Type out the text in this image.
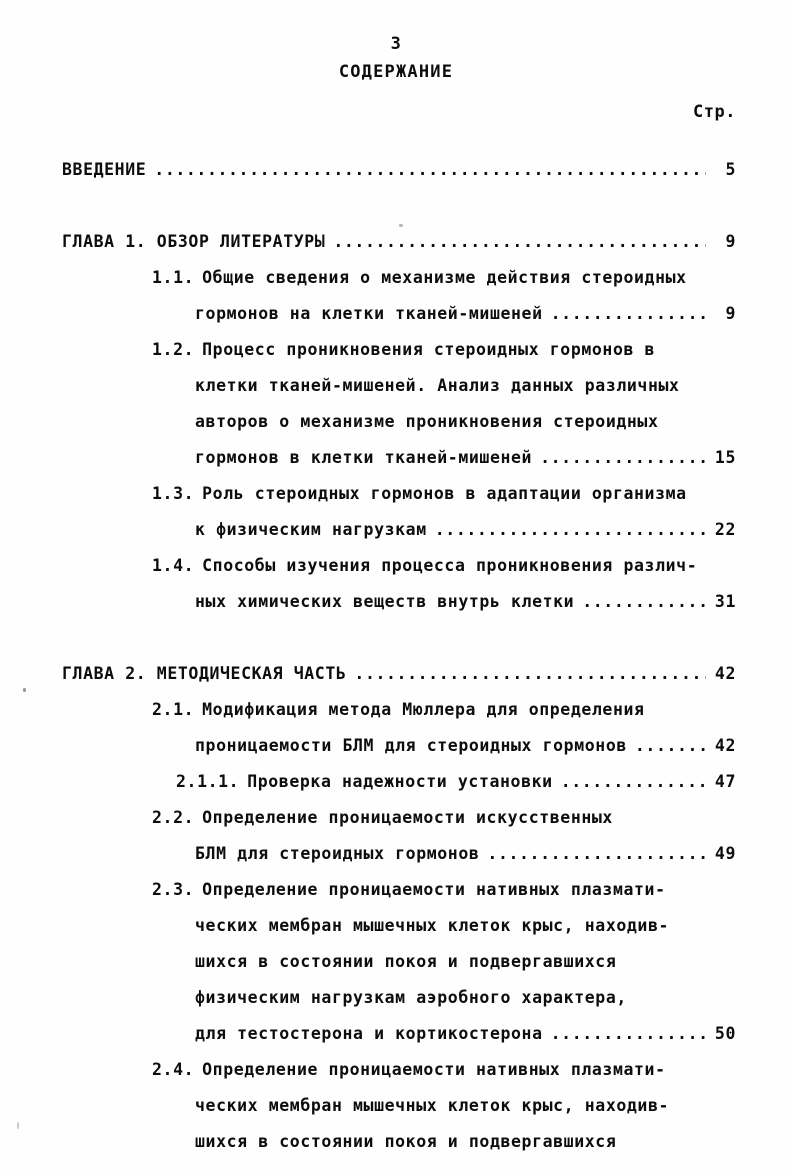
3
СОДЕРЖАНИЕ
Стр.
ВВЕДЕНИЕ .....	5
ГЛАВА 1. ОБЗОР ЛИТЕРАТУРЫ .....	9
1.1. Общие сведения о механизме действия стероидных
гормонов на клетки тканей-мишеней .....	9
1.2. Процесс проникновения стероидных гормонов в
клетки тканей-мишеней. Анализ данных различных
авторов о механизме проникновения стероидных
гормонов в клетки тканей-мишеней .....	15
1.3. Роль стероидных гормонов в адаптации организма
к физическим нагрузкам .....	22
1.4. Способы изучения процесса проникновения различ-
ных химических веществ внутрь клетки .....	31
ГЛАВА 2. МЕТОДИЧЕСКАЯ ЧАСТЬ .....	42
2.1. Модификация метода Мюллера для определения
проницаемости БЛМ для стероидных гормонов .....	42
2.1.1. Проверка надежности установки .....	47
2.2. Определение проницаемости искусственных
БЛМ для стероидных гормонов .....	49
2.3. Определение проницаемости нативных плазмати-
ческих мембран мышечных клеток крыс, находив-
шихся в состоянии покоя и подвергавшихся
физическим нагрузкам аэробного характера,
для тестостерона и кортикостерона .....	50
2.4. Определение проницаемости нативных плазмати-
ческих мембран мышечных клеток крыс, находив-
шихся в состоянии покоя и подвергавшихся
